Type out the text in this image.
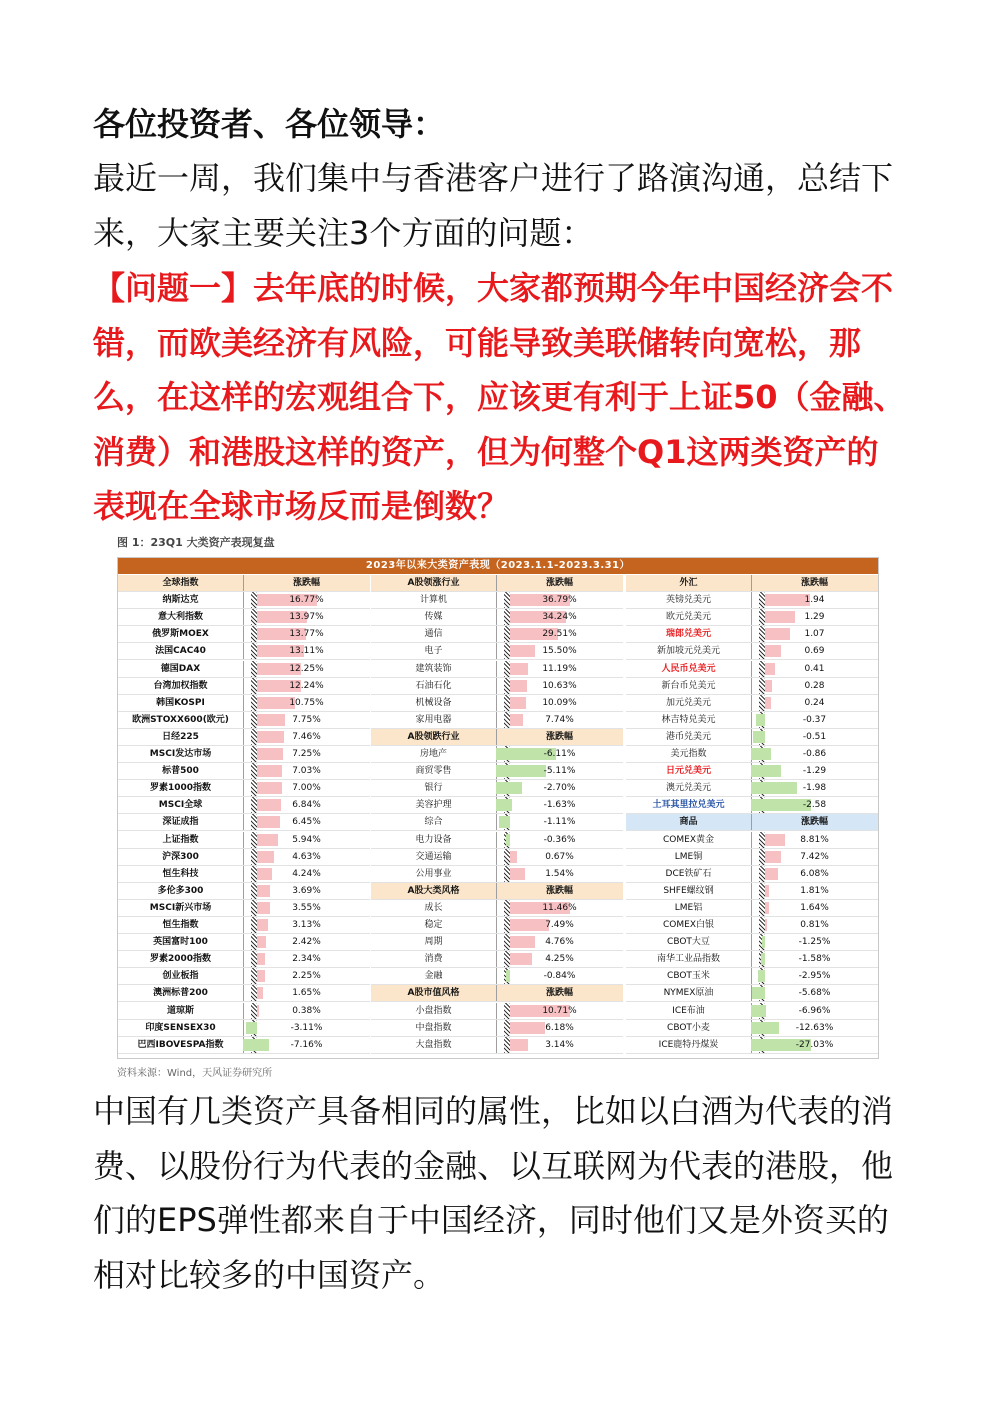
各位投资者、各位领导：

最近一周，我们集中与香港客户进行了路演沟通，总结下来，大家主要关注3个方面的问题：

【问题一】去年底的时候，大家都预期今年中国经济会不错，而欧美经济有风险，可能导致美联储转向宽松，那么，在这样的宏观组合下，应该更有利于上证50（金融、消费）和港股这样的资产，但为何整个Q1这两类资产的表现在全球市场反而是倒数？

图 1：23Q1 大类资产表现复盘
2023年以来大类资产表现（2023.1.1-2023.3.31）
全球指数	涨跌幅
纳斯达克	16.77%
意大利指数	13.97%
俄罗斯MOEX	13.77%
法国CAC40	13.11%
德国DAX	12.25%
台湾加权指数	12.24%
韩国KOSPI	10.75%
欧洲STOXX600(欧元)	7.75%
日经225	7.46%
MSCI发达市场	7.25%
标普500	7.03%
罗素1000指数	7.00%
MSCI全球	6.84%
深证成指	6.45%
上证指数	5.94%
沪深300	4.63%
恒生科技	4.24%
多伦多300	3.69%
MSCI新兴市场	3.55%
恒生指数	3.13%
英国富时100	2.42%
罗素2000指数	2.34%
创业板指	2.25%
澳洲标普200	1.65%
道琼斯	0.38%
印度SENSEX30	-3.11%
巴西IBOVESPA指数	-7.16%
A股领涨行业	涨跌幅
计算机	36.79%
传媒	34.24%
通信	29.51%
电子	15.50%
建筑装饰	11.19%
石油石化	10.63%
机械设备	10.09%
家用电器	7.74%
A股领跌行业	涨跌幅
房地产	-6.11%
商贸零售	-5.11%
银行	-2.70%
美容护理	-1.63%
综合	-1.11%
电力设备	-0.36%
交通运输	0.67%
公用事业	1.54%
A股大类风格	涨跌幅
成长	11.46%
稳定	7.49%
周期	4.76%
消费	4.25%
金融	-0.84%
A股市值风格	涨跌幅
小盘指数	10.71%
中盘指数	6.18%
大盘指数	3.14%
外汇	涨跌幅
英镑兑美元	1.94
欧元兑美元	1.29
瑞郎兑美元	1.07
新加坡元兑美元	0.69
人民币兑美元	0.41
新台币兑美元	0.28
加元兑美元	0.24
林吉特兑美元	-0.37
港币兑美元	-0.51
美元指数	-0.86
日元兑美元	-1.29
澳元兑美元	-1.98
土耳其里拉兑美元	-2.58
商品	涨跌幅
COMEX黄金	8.81%
LME铜	7.42%
DCE铁矿石	6.08%
SHFE螺纹钢	1.81%
LME铝	1.64%
COMEX白银	0.81%
CBOT大豆	-1.25%
南华工业品指数	-1.58%
CBOT玉米	-2.95%
NYMEX原油	-5.68%
ICE布油	-6.96%
CBOT小麦	-12.63%
ICE鹿特丹煤炭	-27.03%
资料来源：Wind，天风证券研究所

中国有几类资产具备相同的属性，比如以白酒为代表的消费、以股份行为代表的金融、以互联网为代表的港股，他们的EPS弹性都来自于中国经济，同时他们又是外资买的相对比较多的中国资产。
